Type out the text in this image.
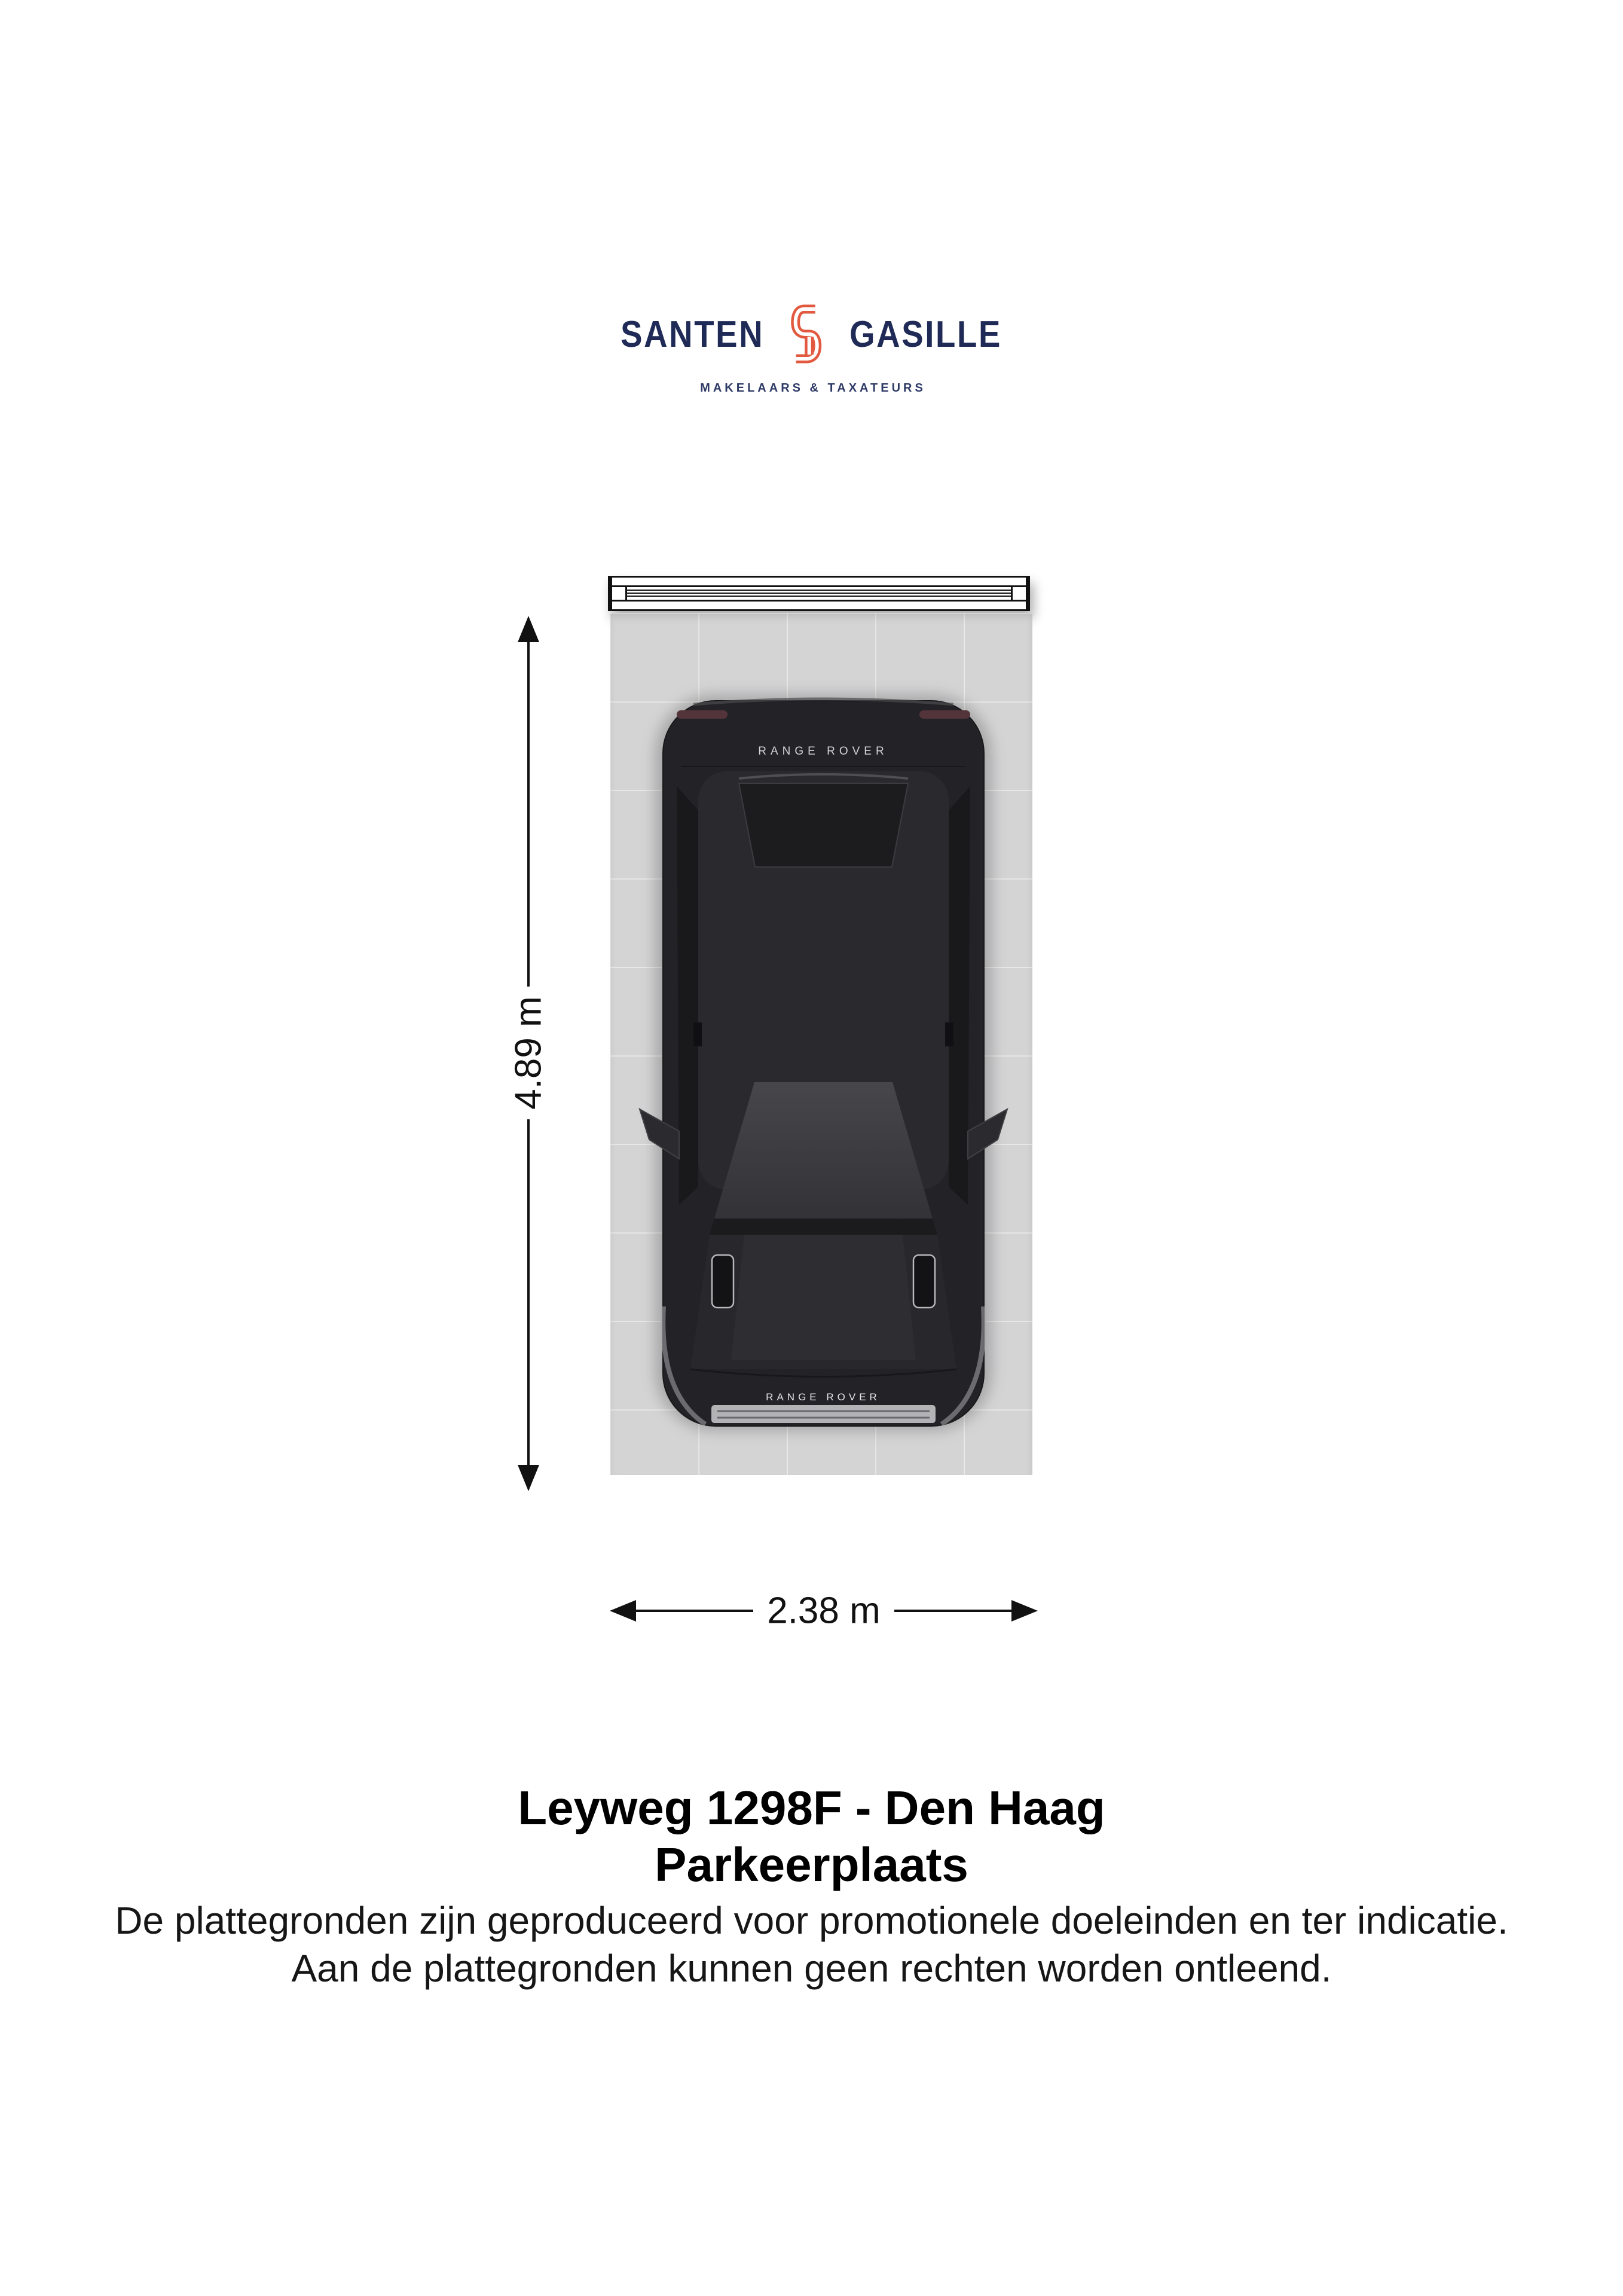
SANTEN GASILLE
MAKELAARS & TAXATEURS
RANGE ROVER
RANGE ROVER
4.89 m
2.38 m
Leyweg 1298F - Den Haag
Parkeerplaats
De plattegronden zijn geproduceerd voor promotionele doeleinden en ter indicatie.
Aan de plattegronden kunnen geen rechten worden ontleend.
